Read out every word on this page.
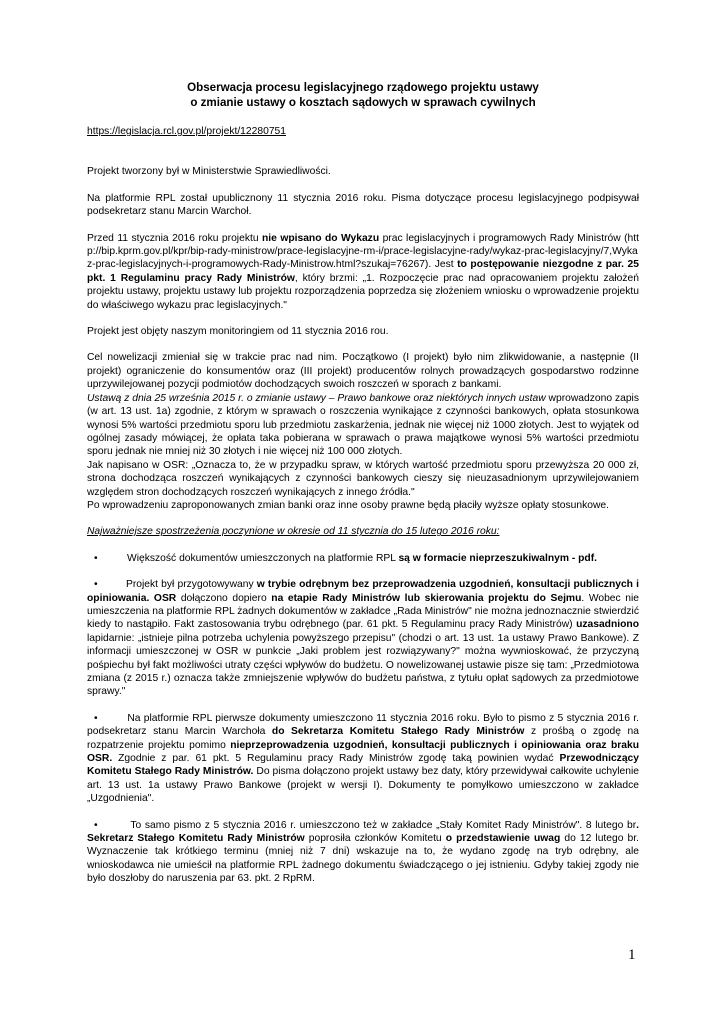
Obserwacja procesu legislacyjnego rządowego projektu ustawy

o zmianie ustawy o kosztach sądowych w sprawach cywilnych

https://legislacja.rcl.gov.pl/projekt/12280751

Projekt tworzony był w Ministerstwie Sprawiedliwości.

Na platformie RPL został upublicznony 11 stycznia 2016 roku. Pisma dotyczące procesu legislacyjnego podpisywał podsekretarz stanu Marcin Warchoł.

Przed 11 stycznia 2016 roku projektu nie wpisano do Wykazu prac legislacyjnych i programowych Rady Ministrów (http://bip.kprm.gov.pl/kpr/bip-rady-ministrow/prace-legislacyjne-rm-i/prace-legislacyjne-rady/wykaz-prac-legislacyjny/7,Wykaz-prac-legislacyjnych-i-programowych-Rady-Ministrow.html?szukaj=76267). Jest to postępowanie niezgodne z par. 25 pkt. 1 Regulaminu pracy Rady Ministrów, który brzmi: „1. Rozpoczęcie prac nad opracowaniem projektu założeń projektu ustawy, projektu ustawy lub projektu rozporządzenia poprzedza się złożeniem wniosku o wprowadzenie projektu do właściwego wykazu prac legislacyjnych."

Projekt jest objęty naszym monitoringiem od 11 stycznia 2016 rou.

Cel nowelizacji zmieniał się w trakcie prac nad nim. Początkowo (I projekt) było nim zlikwidowanie, a następnie (II projekt) ograniczenie do konsumentów oraz (III projekt) producentów rolnych prowadzących gospodarstwo rodzinne uprzywilejowanej pozycji podmiotów dochodzących swoich roszczeń w sporach z bankami.

Ustawą z dnia 25 września 2015 r. o zmianie ustawy – Prawo bankowe oraz niektórych innych ustaw wprowadzono zapis (w art. 13 ust. 1a) zgodnie, z którym w sprawach o roszczenia wynikające z czynności bankowych, opłata stosunkowa wynosi 5% wartości przedmiotu sporu lub przedmiotu zaskarżenia, jednak nie więcej niż 1000 złotych. Jest to wyjątek od ogólnej zasady mówiącej, że opłata taka pobierana w sprawach o prawa majątkowe wynosi 5% wartości przedmiotu sporu jednak nie mniej niż 30 złotych i nie więcej niż 100 000 złotych.

Jak napisano w OSR: „Oznacza to, że w przypadku spraw, w których wartość przedmiotu sporu przewyższa 20 000 zł, strona dochodząca roszczeń wynikających z czynności bankowych cieszy się nieuzasadnionym uprzywilejowaniem względem stron dochodzących roszczeń wynikających z innego źródła."

Po wprowadzeniu zaproponowanych zmian banki oraz inne osoby prawne będą płaciły wyższe opłaty stosunkowe.

Najważniejsze spostrzeżenia poczynione w okresie od 11 stycznia do 15 lutego 2016 roku:

•	Większość dokumentów umieszczonych na platformie RPL są w formacie nieprzeszukiwalnym - pdf.

•	Projekt był przygotowywany w trybie odrębnym bez przeprowadzenia uzgodnień, konsultacji publicznych i opiniowania. OSR dołączono dopiero na etapie Rady Ministrów lub skierowania projektu do Sejmu. Wobec nie umieszczenia na platformie RPL żadnych dokumentów w zakładce „Rada Ministrów" nie można jednoznacznie stwierdzić kiedy to nastąpiło. Fakt zastosowania trybu odrębnego (par. 61 pkt. 5 Regulaminu pracy Rady Ministrów) uzasadniono lapidarnie: „istnieje pilna potrzeba uchylenia powyższego przepisu" (chodzi o art. 13 ust. 1a ustawy Prawo Bankowe). Z informacji umieszczonej w OSR w punkcie „Jaki problem jest rozwiązywany?" można wywnioskować, że przyczyną pośpiechu był fakt możliwości utraty części wpływów do budżetu. O nowelizowanej ustawie pisze się tam: „Przedmiotowa zmiana (z 2015 r.) oznacza także zmniejszenie wpływów do budżetu państwa, z tytułu opłat sądowych za przedmiotowe sprawy."

•	Na platformie RPL pierwsze dokumenty umieszczono 11 stycznia 2016 roku. Było to pismo z 5 stycznia 2016 r. podsekretarz stanu Marcin Warchoła do Sekretarza Komitetu Stałego Rady Ministrów z prośbą o zgodę na rozpatrzenie projektu pomimo nieprzeprowadzenia uzgodnień, konsultacji publicznych i opiniowania oraz braku OSR. Zgodnie z par. 61 pkt. 5 Regulaminu pracy Rady Ministrów zgodę taką powinien wydać Przewodniczący Komitetu Stałego Rady Ministrów. Do pisma dołączono projekt ustawy bez daty, który przewidywał całkowite uchylenie art. 13 ust. 1a ustawy Prawo Bankowe (projekt w wersji I). Dokumenty te pomyłkowo umieszczono w zakładce „Uzgodnienia".

•	To samo pismo z 5 stycznia 2016 r. umieszczono też w zakładce „Stały Komitet Rady Ministrów". 8 lutego br. Sekretarz Stałego Komitetu Rady Ministrów poprosiła członków Komitetu o przedstawienie uwag do 12 lutego br. Wyznaczenie tak krótkiego terminu (mniej niż 7 dni) wskazuje na to, że wydano zgodę na tryb odrębny, ale wnioskodawca nie umieścił na platformie RPL żadnego dokumentu świadczącego o jej istnieniu. Gdyby takiej zgody nie było doszłoby do naruszenia par 63. pkt. 2 RpRM.

1
